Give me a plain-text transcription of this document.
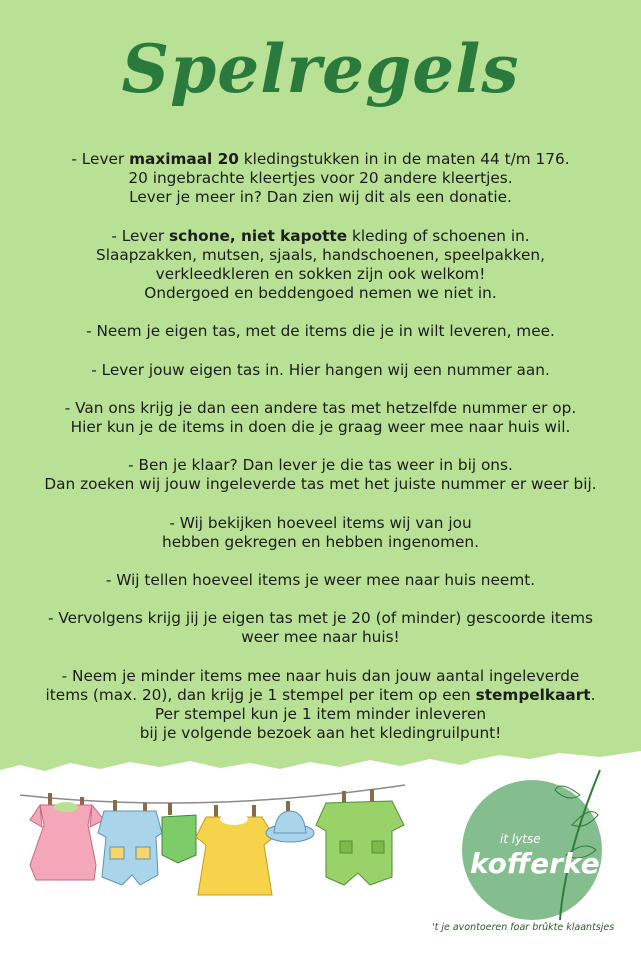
Spelregels

- Lever maximaal 20 kledingstukken in in de maten 44 t/m 176.

20 ingebrachte kleertjes voor 20 andere kleertjes.

Lever je meer in? Dan zien wij dit als een donatie.

- Lever schone, niet kapotte kleding of schoenen in.

Slaapzakken, mutsen, sjaals, handschoenen, speelpakken,

verkleedkleren en sokken zijn ook welkom!

Ondergoed en beddengoed nemen we niet in.

- Neem je eigen tas, met de items die je in wilt leveren, mee.

- Lever jouw eigen tas in. Hier hangen wij een nummer aan.

- Van ons krijg je dan een andere tas met hetzelfde nummer er op.

Hier kun je de items in doen die je graag weer mee naar huis wil.

- Ben je klaar? Dan lever je die tas weer in bij ons.

Dan zoeken wij jouw ingeleverde tas met het juiste nummer er weer bij.

- Wij bekijken hoeveel items wij van jou

hebben gekregen en hebben ingenomen.

- Wij tellen hoeveel items je weer mee naar huis neemt.

- Vervolgens krijg jij je eigen tas met je 20 (of minder) gescoorde items

weer mee naar huis!

- Neem je minder items mee naar huis dan jouw aantal ingeleverde

items (max. 20), dan krijg je 1 stempel per item op een stempelkaart.

Per stempel kun je 1 item minder inleveren

bij je volgende bezoek aan het kledingruilpunt!

it lytse
kofferke
't je avontoeren foar brûkte klaantsjes
